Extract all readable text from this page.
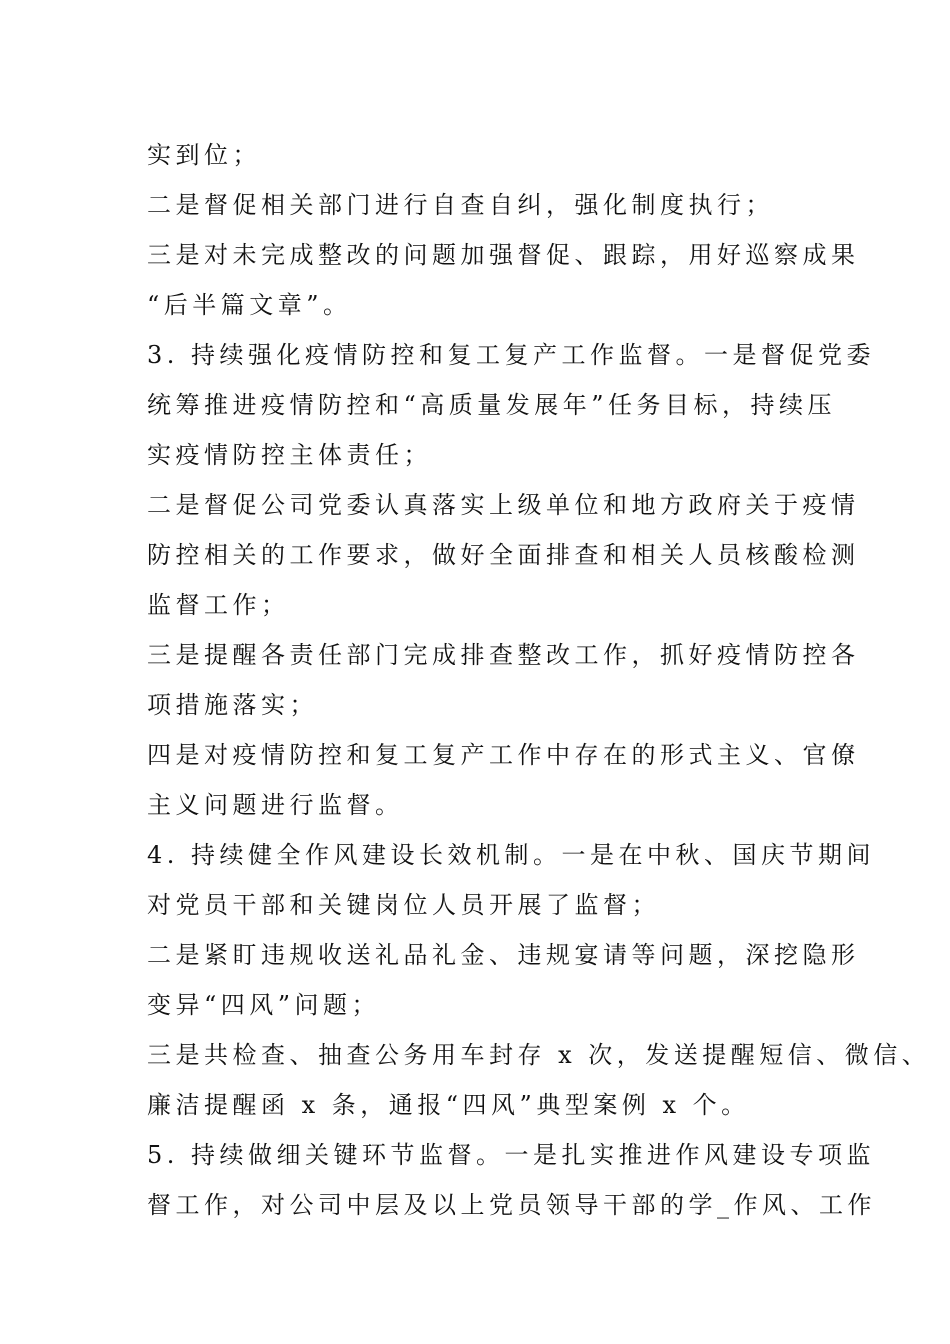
实到位；
二是督促相关部门进行自查自纠，强化制度执行；
三是对未完成整改的问题加强督促、跟踪，用好巡察成果
“后半篇文章”。
3. 持续强化疫情防控和复工复产工作监督。一是督促党委
统筹推进疫情防控和“高质量发展年”任务目标，持续压
实疫情防控主体责任；
二是督促公司党委认真落实上级单位和地方政府关于疫情
防控相关的工作要求，做好全面排查和相关人员核酸检测
监督工作；
三是提醒各责任部门完成排查整改工作，抓好疫情防控各
项措施落实；
四是对疫情防控和复工复产工作中存在的形式主义、官僚
主义问题进行监督。
4. 持续健全作风建设长效机制。一是在中秋、国庆节期间
对党员干部和关键岗位人员开展了监督；
二是紧盯违规收送礼品礼金、违规宴请等问题，深挖隐形
变异“四风”问题；
三是共检查、抽查公务用车封存 x 次，发送提醒短信、微信、
廉洁提醒函 x 条，通报“四风”典型案例 x 个。
5. 持续做细关键环节监督。一是扎实推进作风建设专项监
督工作，对公司中层及以上党员领导干部的学_作风、工作
